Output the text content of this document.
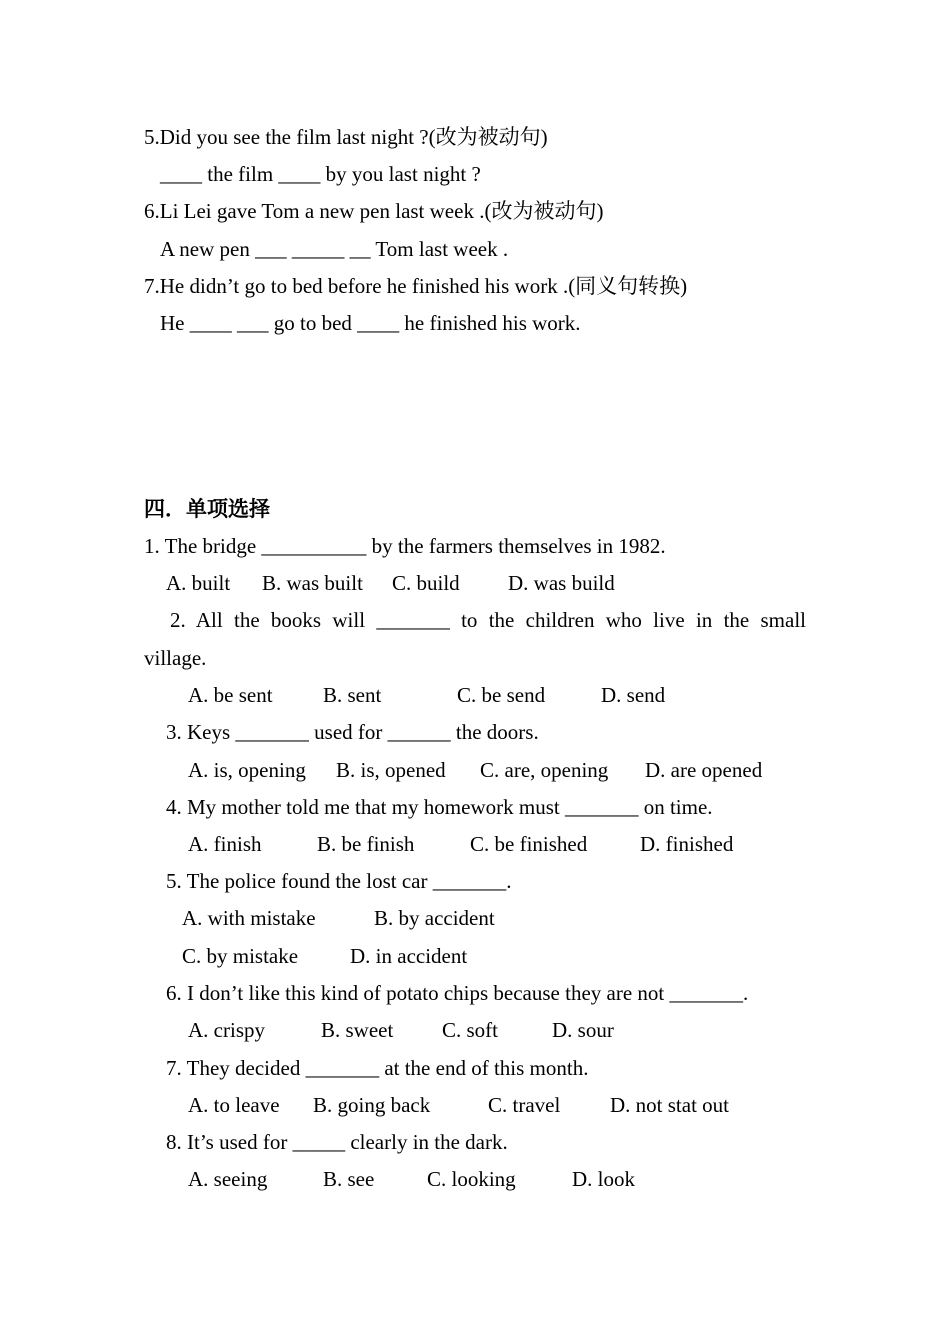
5.Did you see the film last night ?(改为被动句)
____ the film ____ by you last night ?
6.Li Lei gave Tom a new pen last week .(改为被动句)
A new pen ___ _____ __ Tom last week .
7.He didn’t go to bed before he finished his work .(同义句转换)
He ____ ___ go to bed ____ he finished his work.
四．单项选择
1. The bridge __________ by the farmers themselves in 1982.
A. built B. was built C. build D. was build
2. All the books will _______ to the children who live in the small
village.
A. be sent B. sent	C. be send	D. send
3. Keys _______ used for ______ the doors.
A. is, opening B. is, opened C. are, opening D. are opened
4. My mother told me that my homework must _______ on time.
A. finish	B. be finish	C. be finished	D. finished
5. The police found the lost car _______.
A. with mistake	B. by accident
C. by mistake D. in accident
6. I don’t like this kind of potato chips because they are not _______.
A. crispy	B. sweet C. soft	D. sour
7. They decided _______ at the end of this month.
A. to leave B. going back	C. travel D. not stat out
8. It’s used for _____ clearly in the dark.
A. seeing	B. see	C. looking	D. look
